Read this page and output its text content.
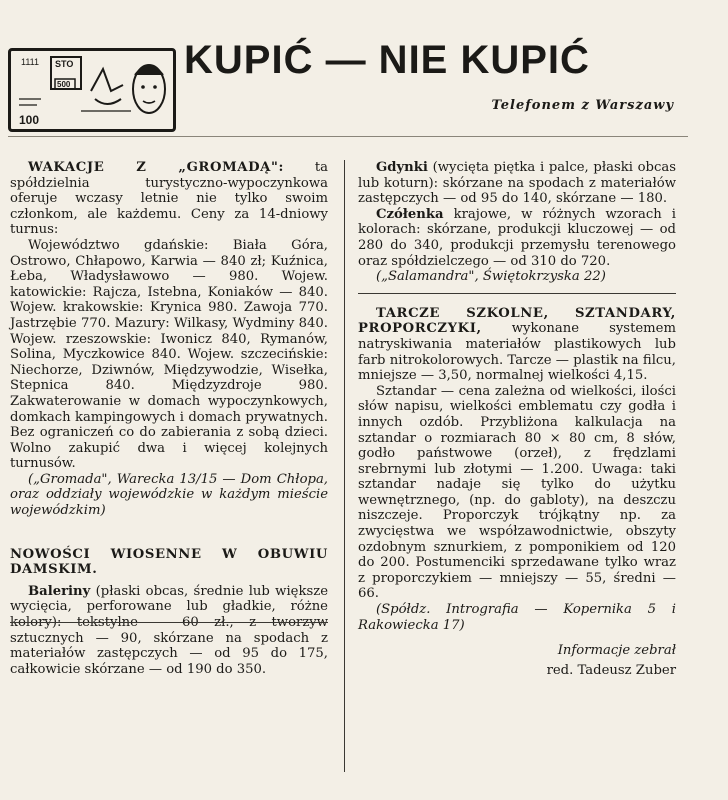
1111 STO
500
100
KUPIĆ — NIE KUPIĆ
Telefonem z Warszawy

WAKACJE Z „GROMADĄ": ta spółdzielnia turystyczno-wypoczynkowa oferuje wczasy letnie nie tylko swoim członkom, ale każdemu. Ceny za 14-dniowy turnus:

Województwo gdańskie: Biała Góra, Ostrowo, Chłapowo, Karwia — 840 zł; Kuźnica, Łeba, Władysławowo — 980. Wojew. katowickie: Rajcza, Istebna, Koniaków — 840. Wojew. krakowskie: Krynica 980. Zawoja 770. Jastrzębie 770. Mazury: Wilkasy, Wydminy 840. Wojew. rzeszowskie: Iwonicz 840, Rymanów, Solina, Myczkowice 840. Wojew. szczecińskie: Niechorze, Dziwnów, Międzywodzie, Wisełka, Stepnica 840. Międzyzdroje 980. Zakwaterowanie w domach wypoczynkowych, domkach kampingowych i domach prywatnych. Bez ograniczeń co do zabierania z sobą dzieci. Wolno zakupić dwa i więcej kolejnych turnusów.

(„Gromada", Warecka 13/15 — Dom Chłopa, oraz oddziały wojewódzkie w każdym mieście wojewódzkim)

NOWOŚCI WIOSENNE W OBUWIU DAMSKIM.

Baleriny (płaski obcas, średnie lub większe wycięcia, perforowane lub gładkie, różne kolory): tekstylne — 60 zł., z tworzyw sztucznych — 90, skórzane na spodach z materiałów zastępczych — od 95 do 175, całkowicie skórzane — od 190 do 350.

Gdynki (wycięta piętka i palce, płaski obcas lub koturn): skórzane na spodach z materiałów zastępczych — od 95 do 140, skórzane — 180.

Czółenka krajowe, w różnych wzorach i kolorach: skórzane, produkcji kluczowej — od 280 do 340, produkcji przemysłu terenowego oraz spółdzielczego — od 310 do 720.

(„Salamandra", Świętokrzyska 22)

TARCZE SZKOLNE, SZTANDARY, PROPORCZYKI, wykonane systemem natryskiwania materiałów plastikowych lub farb nitrokolorowych. Tarcze — plastik na filcu, mniejsze — 3,50, normalnej wielkości 4,15.

Sztandar — cena zależna od wielkości, ilości słów napisu, wielkości emblematu czy godła i innych ozdób. Przybliżona kalkulacja na sztandar o rozmiarach 80 × 80 cm, 8 słów, godło państwowe (orzeł), z frędzlami srebrnymi lub złotymi — 1.200. Uwaga: taki sztandar nadaje się tylko do użytku wewnętrznego, (np. do gabloty), na deszczu niszczeje. Proporczyk trójkątny np. za zwycięstwa we współzawodnictwie, obszyty ozdobnym sznurkiem, z pomponikiem od 120 do 200. Postumenciki sprzedawane tylko wraz z proporczykiem — mniejszy — 55, średni — 66.

(Spółdz. Intrografia — Kopernika 5 i Rakowiecka 17)

Informacje zebrał

red. Tadeusz Zuber
